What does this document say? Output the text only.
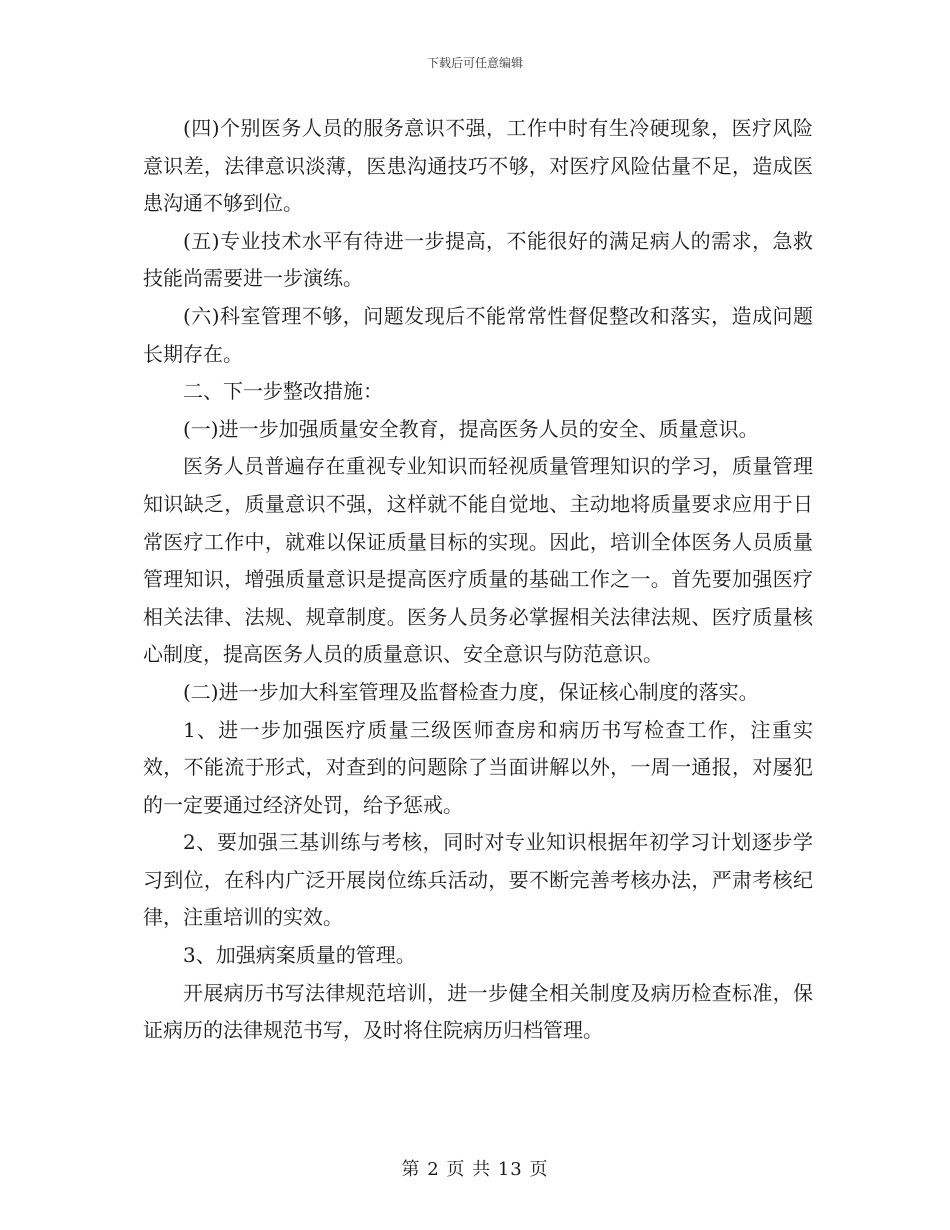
下载后可任意编辑

(四)个别医务人员的服务意识不强，工作中时有生冷硬现象，医疗风险意识差，法律意识淡薄，医患沟通技巧不够，对医疗风险估量不足，造成医患沟通不够到位。

(五)专业技术水平有待进一步提高，不能很好的满足病人的需求，急救技能尚需要进一步演练。

(六)科室管理不够，问题发现后不能常常性督促整改和落实，造成问题长期存在。

二、下一步整改措施：

(一)进一步加强质量安全教育，提高医务人员的安全、质量意识。

医务人员普遍存在重视专业知识而轻视质量管理知识的学习，质量管理知识缺乏，质量意识不强，这样就不能自觉地、主动地将质量要求应用于日常医疗工作中，就难以保证质量目标的实现。因此，培训全体医务人员质量管理知识，增强质量意识是提高医疗质量的基础工作之一。首先要加强医疗相关法律、法规、规章制度。医务人员务必掌握相关法律法规、医疗质量核心制度，提高医务人员的质量意识、安全意识与防范意识。

(二)进一步加大科室管理及监督检查力度，保证核心制度的落实。

1、进一步加强医疗质量三级医师查房和病历书写检查工作，注重实效，不能流于形式，对查到的问题除了当面讲解以外，一周一通报，对屡犯的一定要通过经济处罚，给予惩戒。

2、要加强三基训练与考核，同时对专业知识根据年初学习计划逐步学习到位，在科内广泛开展岗位练兵活动，要不断完善考核办法，严肃考核纪律，注重培训的实效。

3、加强病案质量的管理。

开展病历书写法律规范培训，进一步健全相关制度及病历检查标准，保证病历的法律规范书写，及时将住院病历归档管理。

第 2 页 共 13 页
